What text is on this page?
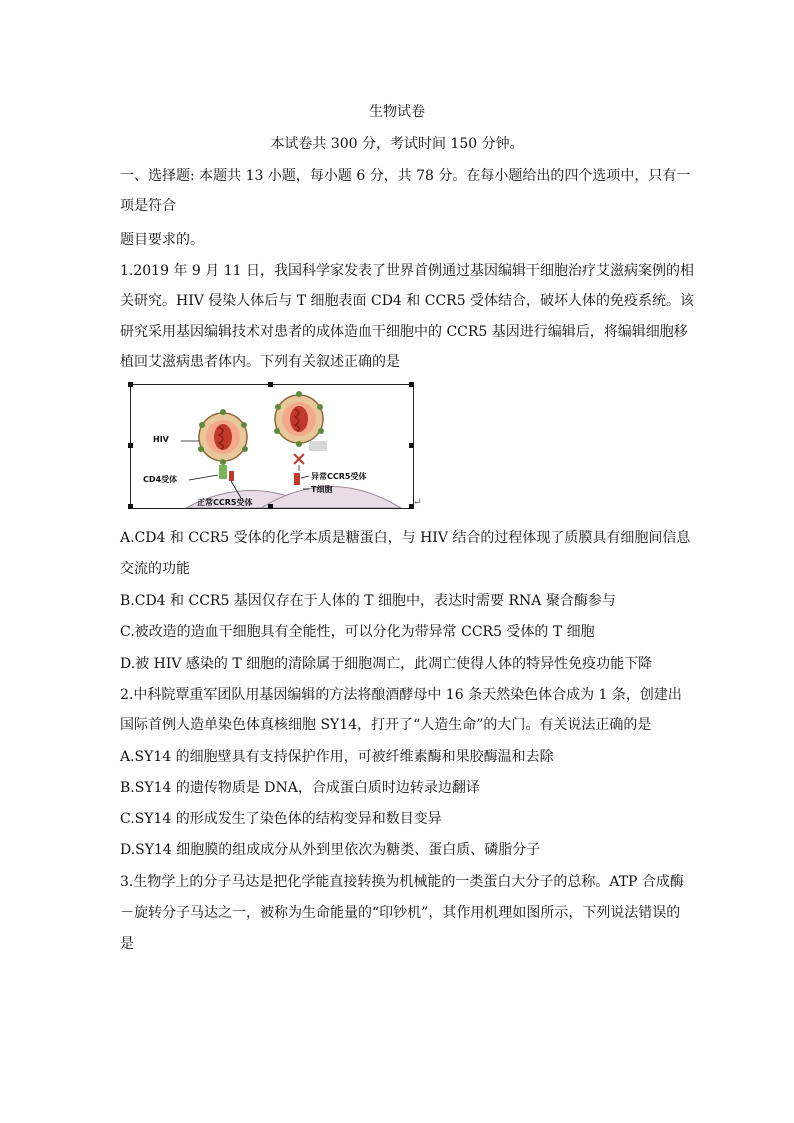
生物试卷
本试卷共 300 分，考试时间 150 分钟。
一、选择题: 本题共 13 小题，每小题 6 分，共 78 分。在每小题给出的四个选项中，只有一
项是符合
题目要求的。
1.2019 年 9 月 11 日，我国科学家发表了世界首例通过基因编辑干细胞治疗艾滋病案例的相
关研究。HIV 侵染人体后与 T 细胞表面 CD4 和 CCR5 受体结合，破坏人体的免疫系统。该
研究采用基因编辑技术对患者的成体造血干细胞中的 CCR5 基因进行编辑后，将编辑细胞移
植回艾滋病患者体内。下列有关叙述正确的是
HIV
CD4受体
正常CCR5受体
异常CCR5受体
T细胞
↵
A.CD4 和 CCR5 受体的化学本质是糖蛋白，与 HIV 结合的过程体现了质膜具有细胞间信息
交流的功能
B.CD4 和 CCR5 基因仅存在于人体的 T 细胞中，表达时需要 RNA 聚合酶参与
C.被改造的造血干细胞具有全能性，可以分化为带异常 CCR5 受体的 T 细胞
D.被 HIV 感染的 T 细胞的清除属于细胞凋亡，此凋亡使得人体的特异性免疫功能下降
2.中科院覃重军团队用基因编辑的方法将酿酒酵母中 16 条天然染色体合成为 1 条，创建出
国际首例人造单染色体真核细胞 SY14，打开了“人造生命”的大门。有关说法正确的是
A.SY14 的细胞壁具有支持保护作用，可被纤维素酶和果胶酶温和去除
B.SY14 的遗传物质是 DNA，合成蛋白质时边转录边翻译
C.SY14 的形成发生了染色体的结构变异和数目变异
D.SY14 细胞膜的组成成分从外到里依次为糖类、蛋白质、磷脂分子
3.生物学上的分子马达是把化学能直接转换为机械能的一类蛋白大分子的总称。ATP 合成酶
－旋转分子马达之一，被称为生命能量的“印钞机”，其作用机理如图所示，下列说法错误的
是
